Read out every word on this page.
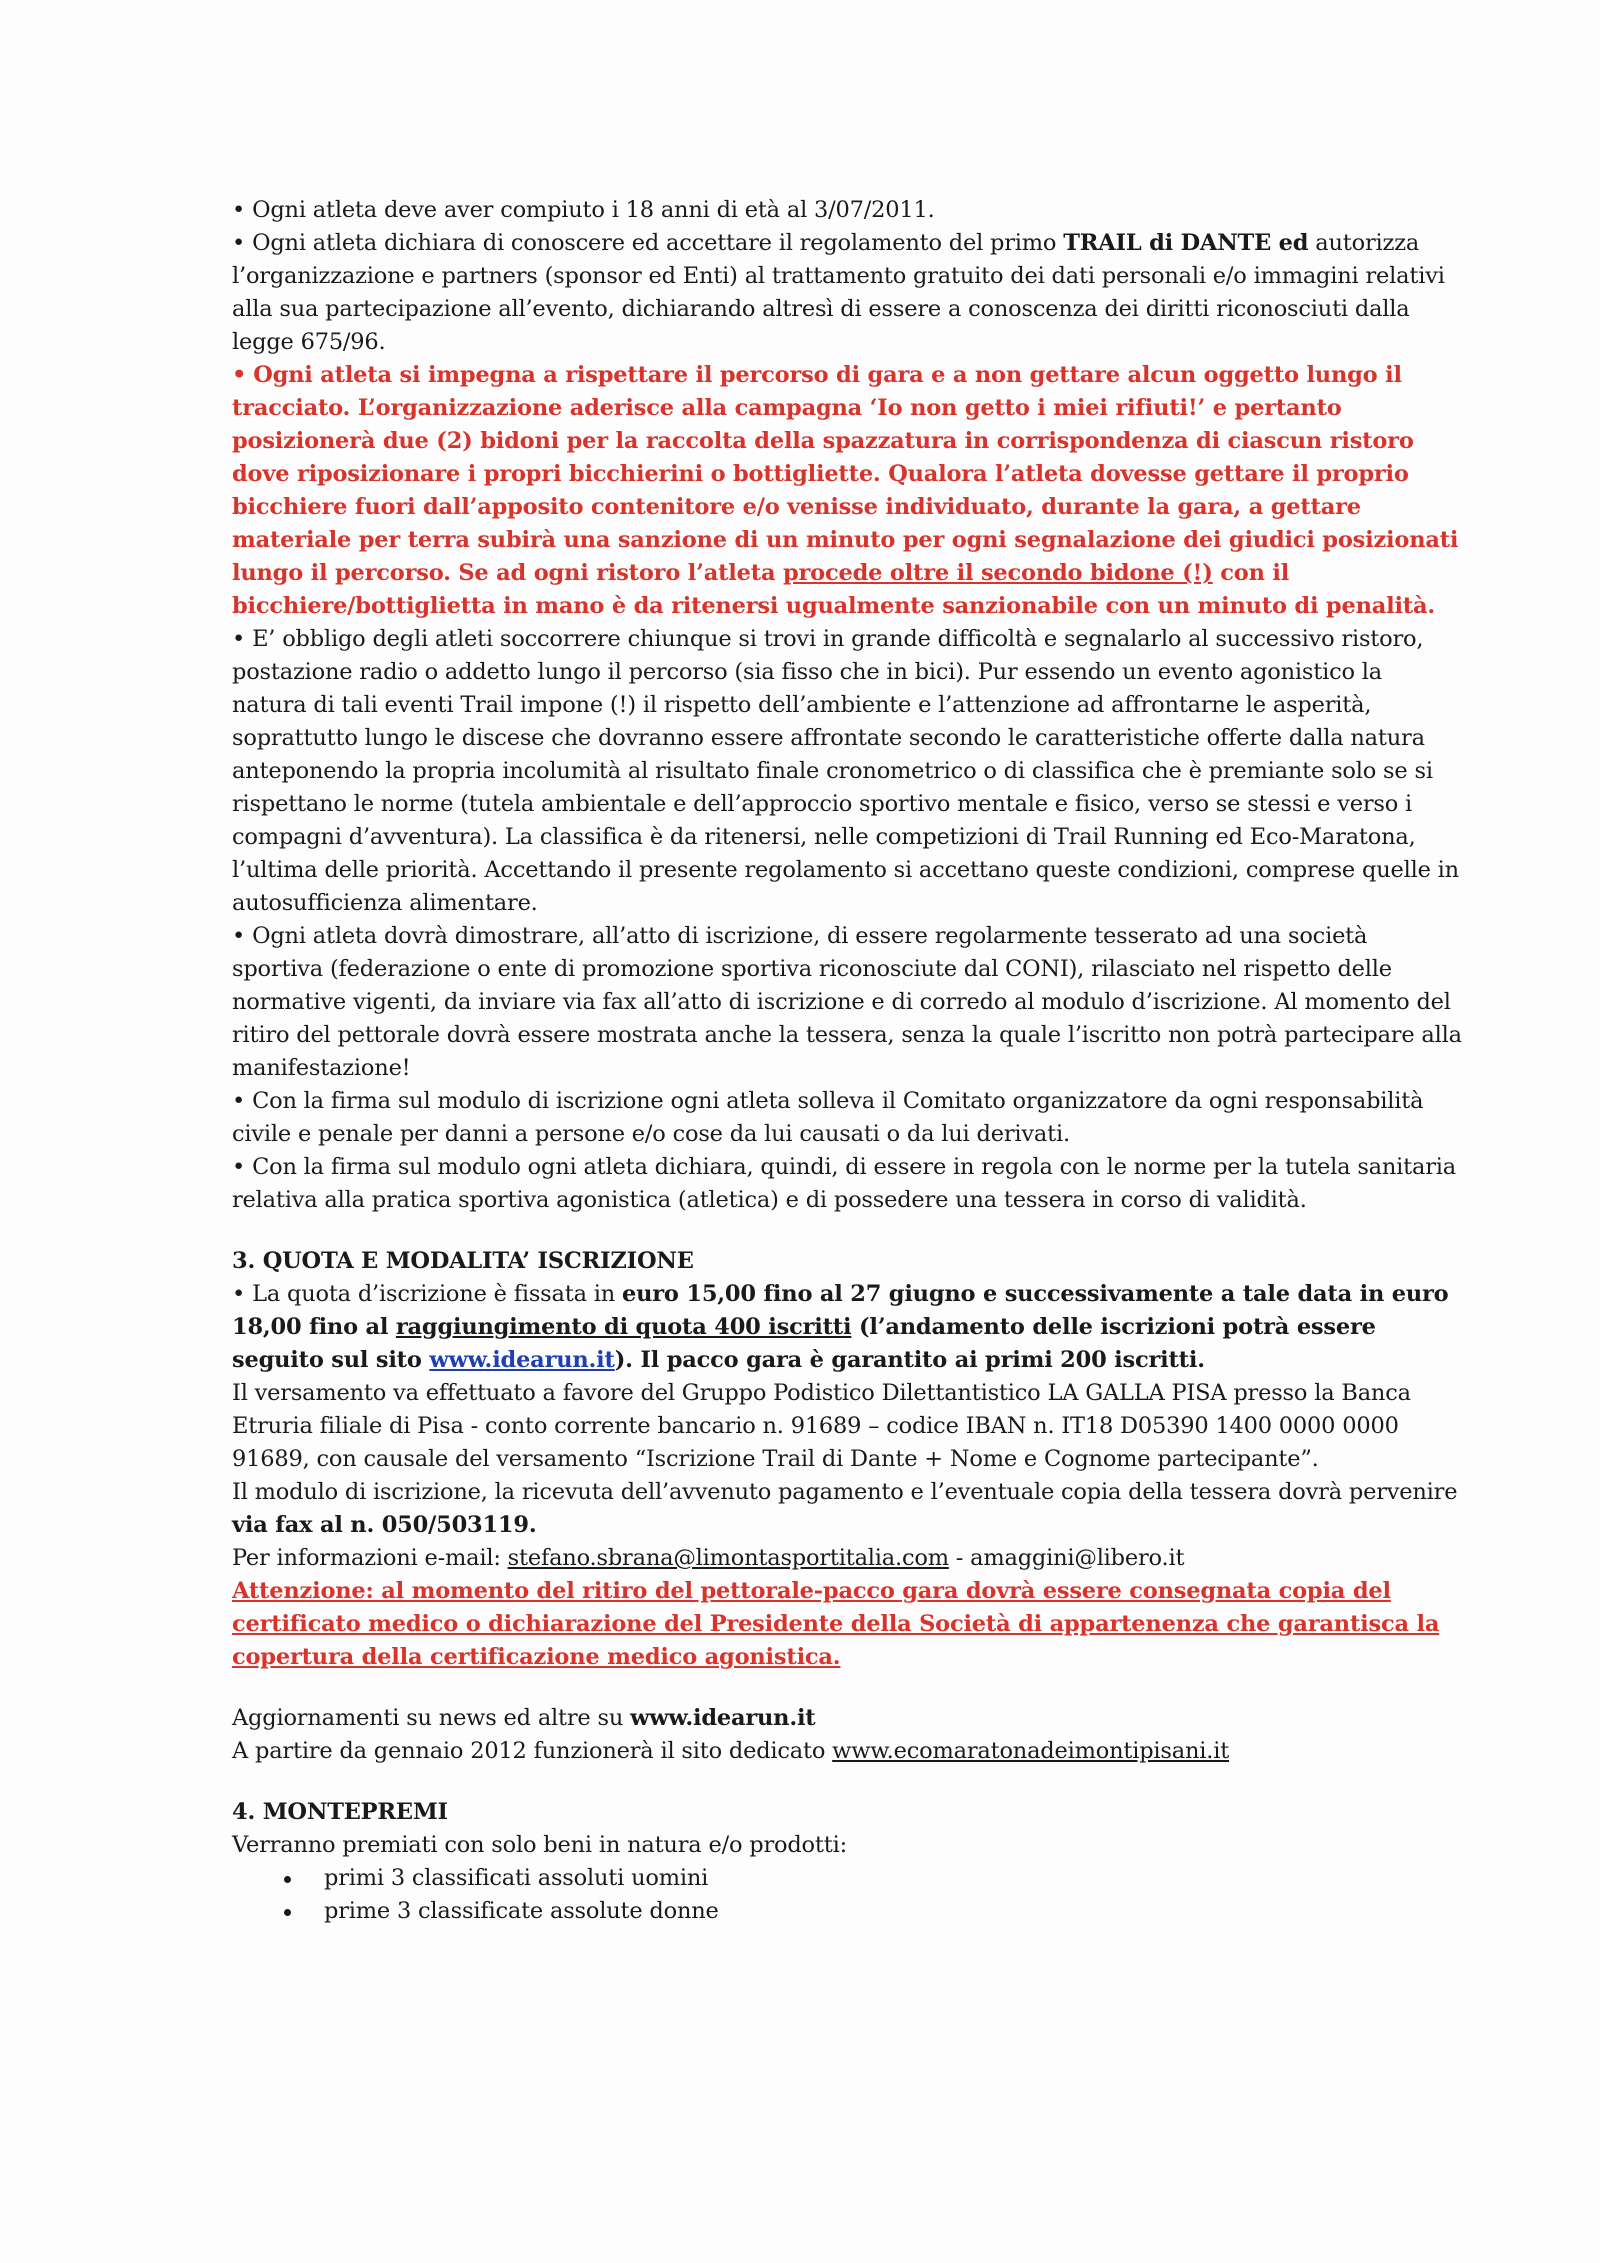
• Ogni atleta deve aver compiuto i 18 anni di età al 3/07/2011.

• Ogni atleta dichiara di conoscere ed accettare il regolamento del primo TRAIL di DANTE ed autorizza l’organizzazione e partners (sponsor ed Enti) al trattamento gratuito dei dati personali e/o immagini relativi alla sua partecipazione all’evento, dichiarando altresì di essere a conoscenza dei diritti riconosciuti dalla legge 675/96.

• Ogni atleta si impegna a rispettare il percorso di gara e a non gettare alcun oggetto lungo il tracciato. L’organizzazione aderisce alla campagna ‘Io non getto i miei rifiuti!’ e pertanto posizionerà due (2) bidoni per la raccolta della spazzatura in corrispondenza di ciascun ristoro dove riposizionare i propri bicchierini o bottigliette. Qualora l’atleta dovesse gettare il proprio bicchiere fuori dall’apposito contenitore e/o venisse individuato, durante la gara, a gettare materiale per terra subirà una sanzione di un minuto per ogni segnalazione dei giudici posizionati lungo il percorso. Se ad ogni ristoro l’atleta procede oltre il secondo bidone (!) con il bicchiere/bottiglietta in mano è da ritenersi ugualmente sanzionabile con un minuto di penalità.

• E’ obbligo degli atleti soccorrere chiunque si trovi in grande difficoltà e segnalarlo al successivo ristoro, postazione radio o addetto lungo il percorso (sia fisso che in bici). Pur essendo un evento agonistico la natura di tali eventi Trail impone (!) il rispetto dell’ambiente e l’attenzione ad affrontarne le asperità, soprattutto lungo le discese che dovranno essere affrontate secondo le caratteristiche offerte dalla natura anteponendo la propria incolumità al risultato finale cronometrico o di classifica che è premiante solo se si rispettano le norme (tutela ambientale e dell’approccio sportivo mentale e fisico, verso se stessi e verso i compagni d’avventura). La classifica è da ritenersi, nelle competizioni di Trail Running ed Eco-Maratona, l’ultima delle priorità. Accettando il presente regolamento si accettano queste condizioni, comprese quelle in autosufficienza alimentare.

• Ogni atleta dovrà dimostrare, all’atto di iscrizione, di essere regolarmente tesserato ad una società sportiva (federazione o ente di promozione sportiva riconosciute dal CONI), rilasciato nel rispetto delle normative vigenti, da inviare via fax all’atto di iscrizione e di corredo al modulo d’iscrizione. Al momento del ritiro del pettorale dovrà essere mostrata anche la tessera, senza la quale l’iscritto non potrà partecipare alla manifestazione!

• Con la firma sul modulo di iscrizione ogni atleta solleva il Comitato organizzatore da ogni responsabilità civile e penale per danni a persone e/o cose da lui causati o da lui derivati.

• Con la firma sul modulo ogni atleta dichiara, quindi, di essere in regola con le norme per la tutela sanitaria relativa alla pratica sportiva agonistica (atletica) e di possedere una tessera in corso di validità.

3. QUOTA E MODALITA’ ISCRIZIONE

• La quota d’iscrizione è fissata in euro 15,00 fino al 27 giugno e successivamente a tale data in euro 18,00 fino al raggiungimento di quota 400 iscritti (l’andamento delle iscrizioni potrà essere seguito sul sito www.idearun.it). Il pacco gara è garantito ai primi 200 iscritti.

Il versamento va effettuato a favore del Gruppo Podistico Dilettantistico LA GALLA PISA presso la Banca Etruria filiale di Pisa - conto corrente bancario n. 91689 – codice IBAN n. IT18 D05390 1400 0000 0000 91689, con causale del versamento “Iscrizione Trail di Dante + Nome e Cognome partecipante”.

Il modulo di iscrizione, la ricevuta dell’avvenuto pagamento e l’eventuale copia della tessera dovrà pervenire via fax al n. 050/503119.

Per informazioni e-mail: stefano.sbrana@limontasportitalia.com - amaggini@libero.it

Attenzione: al momento del ritiro del pettorale-pacco gara dovrà essere consegnata copia del certificato medico o dichiarazione del Presidente della Società di appartenenza che garantisca la copertura della certificazione medico agonistica.

Aggiornamenti su news ed altre su www.idearun.it

A partire da gennaio 2012 funzionerà il sito dedicato www.ecomaratonadeimontipisani.it

4. MONTEPREMI

Verranno premiati con solo beni in natura e/o prodotti:

primi 3 classificati assoluti uomini
prime 3 classificate assolute donne
